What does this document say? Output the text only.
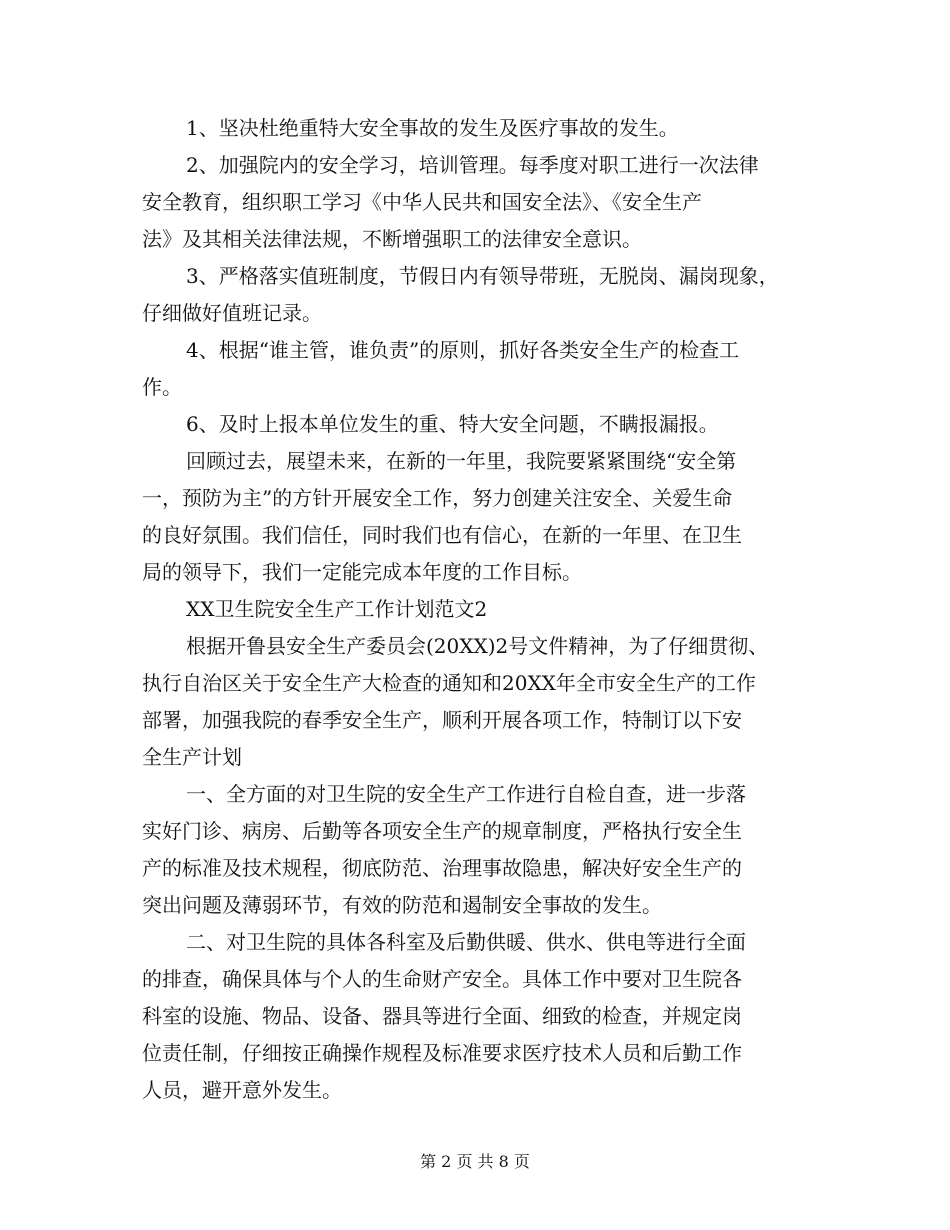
1、坚决杜绝重特大安全事故的发生及医疗事故的发生。
2、加强院内的安全学习，培训管理。每季度对职工进行一次法律
安全教育，组织职工学习《中华人民共和国安全法》、《安全生产
法》及其相关法律法规，不断增强职工的法律安全意识。
3、严格落实值班制度，节假日内有领导带班，无脱岗、漏岗现象，
仔细做好值班记录。
4、根据“谁主管，谁负责”的原则，抓好各类安全生产的检查工
作。
6、及时上报本单位发生的重、特大安全问题，不瞒报漏报。
回顾过去，展望未来，在新的一年里，我院要紧紧围绕“安全第
一，预防为主”的方针开展安全工作，努力创建关注安全、关爱生命
的良好氛围。我们信任，同时我们也有信心，在新的一年里、在卫生
局的领导下，我们一定能完成本年度的工作目标。
XX卫生院安全生产工作计划范文2
根据开鲁县安全生产委员会(20XX)2号文件精神，为了仔细贯彻、
执行自治区关于安全生产大检查的通知和20XX年全市安全生产的工作
部署，加强我院的春季安全生产，顺利开展各项工作，特制订以下安
全生产计划
一、全方面的对卫生院的安全生产工作进行自检自查，进一步落
实好门诊、病房、后勤等各项安全生产的规章制度，严格执行安全生
产的标准及技术规程，彻底防范、治理事故隐患，解决好安全生产的
突出问题及薄弱环节，有效的防范和遏制安全事故的发生。
二、对卫生院的具体各科室及后勤供暖、供水、供电等进行全面
的排查，确保具体与个人的生命财产安全。具体工作中要对卫生院各
科室的设施、物品、设备、器具等进行全面、细致的检查，并规定岗
位责任制，仔细按正确操作规程及标准要求医疗技术人员和后勤工作
人员，避开意外发生。
第 2 页 共 8 页
